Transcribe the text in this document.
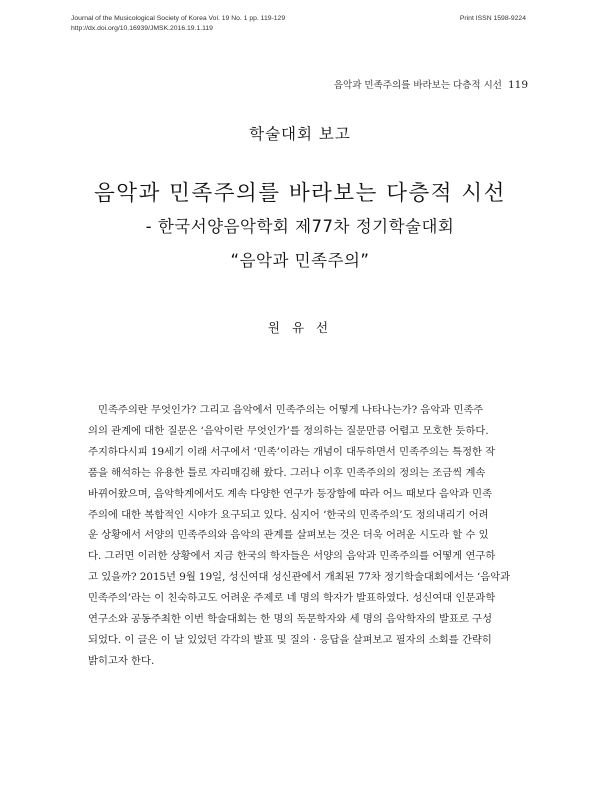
Journal of the Musicological Society of Korea Vol. 19 No. 1 pp. 119-129
http://dx.doi.org/10.16939/JMSK.2016.19.1.119
Print ISSN 1598-9224
음악과 민족주의를 바라보는 다층적 시선 119
학술대회 보고
음악과 민족주의를 바라보는 다층적 시선
- 한국서양음악학회 제77차 정기학술대회
“음악과 민족주의”
원 유 선
민족주의란 무엇인가? 그리고 음악에서 민족주의는 어떻게 나타나는가? 음악과 민족주
의의 관계에 대한 질문은 ‘음악이란 무엇인가’를 정의하는 질문만큼 어렵고 모호한 듯하다.
주지하다시피 19세기 이래 서구에서 ‘민족’이라는 개념이 대두하면서 민족주의는 특정한 작
품을 해석하는 유용한 틀로 자리매김해 왔다. 그러나 이후 민족주의의 정의는 조금씩 계속
바뀌어왔으며, 음악학계에서도 계속 다양한 연구가 등장함에 따라 어느 때보다 음악과 민족
주의에 대한 복합적인 시야가 요구되고 있다. 심지어 ‘한국의 민족주의’도 정의내리기 어려
운 상황에서 서양의 민족주의와 음악의 관계를 살펴보는 것은 더욱 어려운 시도라 할 수 있
다. 그러면 이러한 상황에서 지금 한국의 학자들은 서양의 음악과 민족주의를 어떻게 연구하
고 있을까? 2015년 9월 19일, 성신여대 성신관에서 개최된 77차 정기학술대회에서는 ‘음악과
민족주의’라는 이 친숙하고도 어려운 주제로 네 명의 학자가 발표하였다. 성신여대 인문과학
연구소와 공동주최한 이번 학술대회는 한 명의 독문학자와 세 명의 음악학자의 발표로 구성
되었다. 이 글은 이 날 있었던 각각의 발표 및 질의 · 응답을 살펴보고 필자의 소회를 간략히
밝히고자 한다.
